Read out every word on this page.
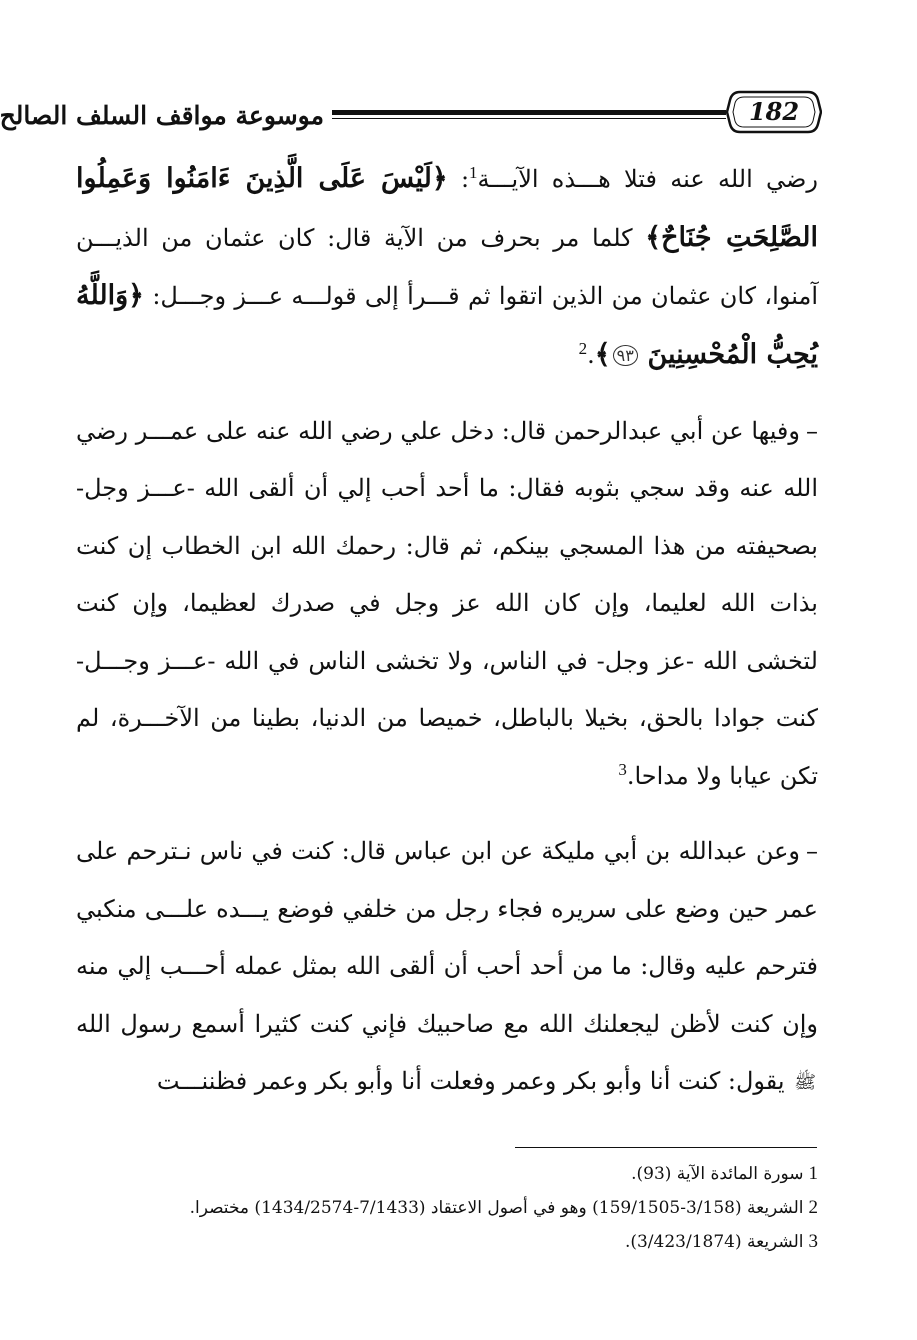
موسوعة مواقف السلف الصالح	182

رضي الله عنه فتلا هـــذه الآيـــة$^1$: ﴿لَيْسَ عَلَى الَّذِينَ ءَامَنُوا وَعَمِلُوا الصَّلِحَتِ جُنَاحٌ﴾ كلما مر بحرف من الآية قال: كان عثمان من الذيـــن آمنوا، كان عثمان من الذين اتقوا ثم قـــرأ إلى قولـــه عـــز وجـــل: ﴿وَاللَّهُ يُحِبُّ الْمُحْسِنِينَ ٩٣﴾.$^2$

–وفيها عن أبي عبدالرحمن قال: دخل علي رضي الله عنه على عمـــر رضي الله عنه وقد سجي بثوبه فقال: ما أحد أحب إلي أن ألقى الله -عـــز وجل- بصحيفته من هذا المسجي بينكم، ثم قال: رحمك الله ابن الخطاب إن كنت بذات الله لعليما، وإن كان الله عز وجل في صدرك لعظيما، وإن كنت لتخشى الله -عز وجل- في الناس، ولا تخشى الناس في الله -عـــز وجـــل- كنت جوادا بالحق، بخيلا بالباطل، خميصا من الدنيا، بطينا من الآخـــرة، لم تكن عيابا ولا مداحا.$^3$

–وعن عبدالله بن أبي مليكة عن ابن عباس قال: كنت في ناس نـترحم على عمر حين وضع على سريره فجاء رجل من خلفي فوضع يـــده علـــى منكبي فترحم عليه وقال: ما من أحد أحب أن ألقى الله بمثل عمله أحـــب إلي منه وإن كنت لأظن ليجعلنك الله مع صاحبيك فإني كنت كثيرا أسمع رسول الله ﷺ يقول: كنت أنا وأبو بكر وعمر وفعلت أنا وأبو بكر وعمر فظننـــت

1سورة المائدة الآية (93).

2الشريعة (3/158-159/1505) وهو في أصول الاعتقاد (7/1433-1434/2574) مختصرا.

3الشريعة (3/423/1874).
